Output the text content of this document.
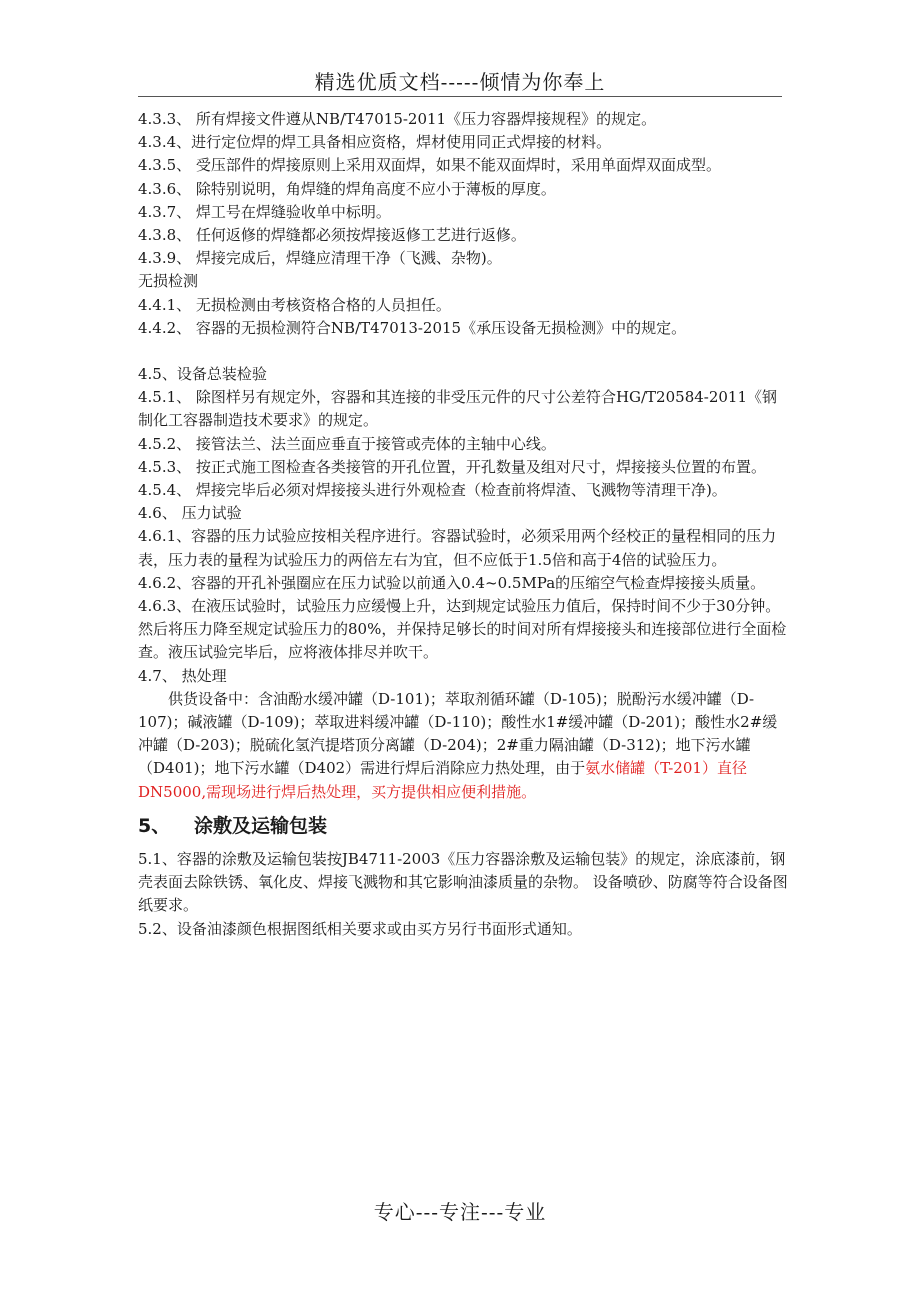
精选优质文档-----倾情为你奉上

4.3.3、 所有焊接文件遵从NB/T47015-2011《压力容器焊接规程》的规定。

4.3.4、进行定位焊的焊工具备相应资格，焊材使用同正式焊接的材料。

4.3.5、 受压部件的焊接原则上采用双面焊，如果不能双面焊时，采用单面焊双面成型。

4.3.6、 除特别说明，角焊缝的焊角高度不应小于薄板的厚度。

4.3.7、 焊工号在焊缝验收单中标明。

4.3.8、 任何返修的焊缝都必须按焊接返修工艺进行返修。

4.3.9、 焊接完成后，焊缝应清理干净（飞溅、杂物)。

无损检测

4.4.1、 无损检测由考核资格合格的人员担任。

4.4.2、 容器的无损检测符合NB/T47013-2015《承压设备无损检测》中的规定。

4.5、设备总装检验

4.5.1、 除图样另有规定外，容器和其连接的非受压元件的尺寸公差符合HG/T20584-2011《钢制化工容器制造技术要求》的规定。

4.5.2、 接管法兰、法兰面应垂直于接管或壳体的主轴中心线。

4.5.3、 按正式施工图检查各类接管的开孔位置，开孔数量及组对尺寸，焊接接头位置的布置。

4.5.4、 焊接完毕后必须对焊接接头进行外观检查（检查前将焊渣、飞溅物等清理干净)。

4.6、 压力试验

4.6.1、容器的压力试验应按相关程序进行。容器试验时，必须采用两个经校正的量程相同的压力表，压力表的量程为试验压力的两倍左右为宜，但不应低于1.5倍和高于4倍的试验压力。

4.6.2、容器的开孔补强圈应在压力试验以前通入0.4~0.5MPa的压缩空气检查焊接接头质量。

4.6.3、在液压试验时，试验压力应缓慢上升，达到规定试验压力值后，保持时间不少于30分钟。然后将压力降至规定试验压力的80%，并保持足够长的时间对所有焊接接头和连接部位进行全面检查。液压试验完毕后，应将液体排尽并吹干。

4.7、 热处理

供货设备中：含油酚水缓冲罐（D-101)；萃取剂循环罐（D-105)；脱酚污水缓冲罐（D-107)；碱液罐（D-109)；萃取进料缓冲罐（D-110)；酸性水1#缓冲罐（D-201)；酸性水2#缓冲罐（D-203)；脱硫化氢汽提塔顶分离罐（D-204)；2#重力隔油罐（D-312)；地下污水罐（D401)；地下污水罐（D402）需进行焊后消除应力热处理，由于氨水储罐（T-201）直径DN5000,需现场进行焊后热处理，买方提供相应便利措施。

5、 涂敷及运输包装

5.1、容器的涂敷及运输包装按JB4711-2003《压力容器涂敷及运输包装》的规定，涂底漆前，钢壳表面去除铁锈、氧化皮、焊接飞溅物和其它影响油漆质量的杂物。 设备喷砂、防腐等符合设备图纸要求。

5.2、设备油漆颜色根据图纸相关要求或由买方另行书面形式通知。

专心---专注---专业
